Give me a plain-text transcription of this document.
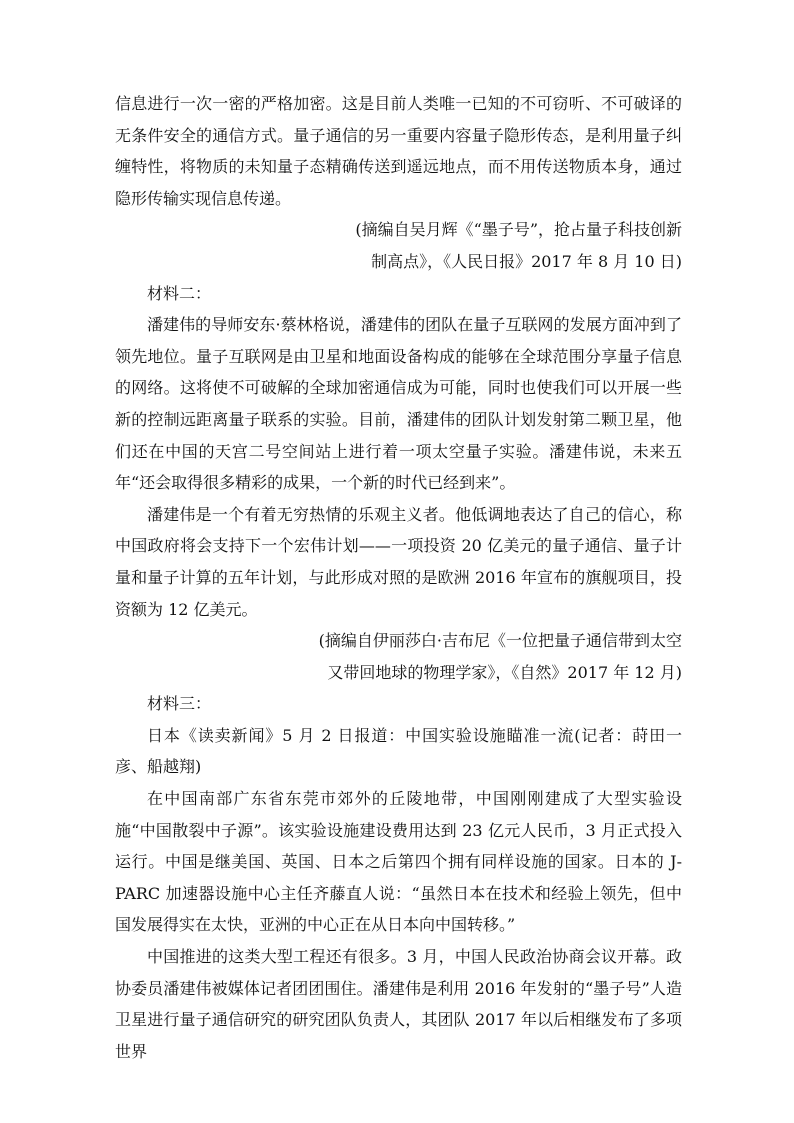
信息进行一次一密的严格加密。这是目前人类唯一已知的不可窃听、不可破译的无条件安全的通信方式。量子通信的另一重要内容量子隐形传态，是利用量子纠缠特性，将物质的未知量子态精确传送到遥远地点，而不用传送物质本身，通过隐形传输实现信息传递。

(摘编自吴月辉《“墨子号”，抢占量子科技创新

制高点》，《人民日报》2017 年 8 月 10 日)

材料二：

潘建伟的导师安东·蔡林格说，潘建伟的团队在量子互联网的发展方面冲到了领先地位。量子互联网是由卫星和地面设备构成的能够在全球范围分享量子信息的网络。这将使不可破解的全球加密通信成为可能，同时也使我们可以开展一些新的控制远距离量子联系的实验。目前，潘建伟的团队计划发射第二颗卫星，他们还在中国的天宫二号空间站上进行着一项太空量子实验。潘建伟说，未来五年“还会取得很多精彩的成果，一个新的时代已经到来”。

潘建伟是一个有着无穷热情的乐观主义者。他低调地表达了自己的信心，称中国政府将会支持下一个宏伟计划——一项投资 20 亿美元的量子通信、量子计量和量子计算的五年计划，与此形成对照的是欧洲 2016 年宣布的旗舰项目，投资额为 12 亿美元。

(摘编自伊丽莎白·吉布尼《一位把量子通信带到太空

又带回地球的物理学家》，《自然》2017 年 12 月)

材料三：

日本《读卖新闻》5 月 2 日报道：中国实验设施瞄准一流(记者：莳田一彦、船越翔)

在中国南部广东省东莞市郊外的丘陵地带，中国刚刚建成了大型实验设施“中国散裂中子源”。该实验设施建设费用达到 23 亿元人民币，3 月正式投入运行。中国是继美国、英国、日本之后第四个拥有同样设施的国家。日本的 J-PARC 加速器设施中心主任齐藤直人说：“虽然日本在技术和经验上领先，但中国发展得实在太快，亚洲的中心正在从日本向中国转移。”

中国推进的这类大型工程还有很多。3 月，中国人民政治协商会议开幕。政协委员潘建伟被媒体记者团团围住。潘建伟是利用 2016 年发射的“墨子号”人造卫星进行量子通信研究的研究团队负责人，其团队 2017 年以后相继发布了多项世界
